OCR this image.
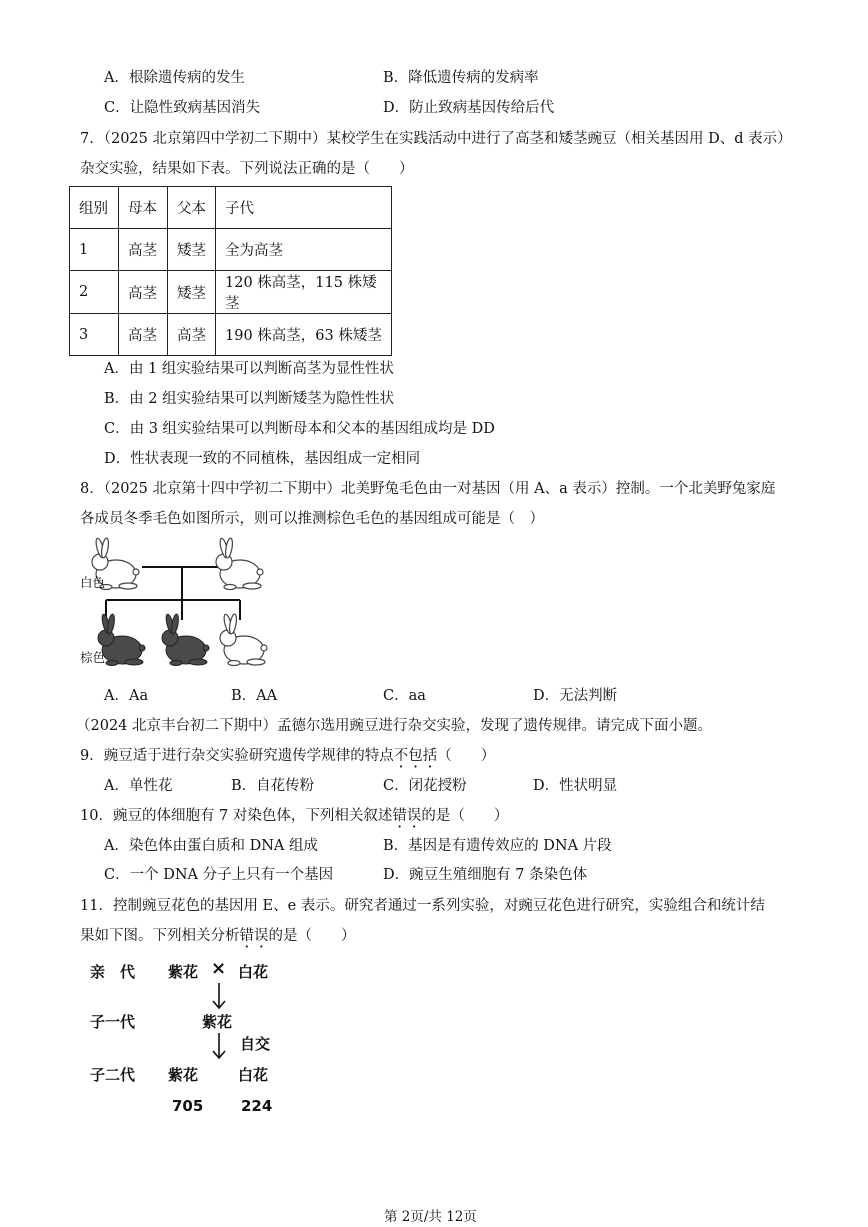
A．根除遗传病的发生	B．降低遗传病的发病率
C．让隐性致病基因消失	D．防止致病基因传给后代
7．（2025 北京第四中学初二下期中）某校学生在实践活动中进行了高茎和矮茎豌豆（相关基因用 D、d 表示）
杂交实验，结果如下表。下列说法正确的是（　　）
组别	母本	父本	子代
1	高茎	矮茎	全为高茎
2	高茎	矮茎	120 株高茎，115 株矮茎
3	高茎	高茎	190 株高茎，63 株矮茎
A．由 1 组实验结果可以判断高茎为显性性状
B．由 2 组实验结果可以判断矮茎为隐性性状
C．由 3 组实验结果可以判断母本和父本的基因组成均是 DD
D．性状表现一致的不同植株，基因组成一定相同
8．（2025 北京第十四中学初二下期中）北美野兔毛色由一对基因（用 A、a 表示）控制。一个北美野兔家庭
各成员冬季毛色如图所示，则可以推测棕色毛色的基因组成可能是（　）
白色
棕色
A．Aa	B．AA	C．aa	D．无法判断
（2024 北京丰台初二下期中）孟德尔选用豌豆进行杂交实验，发现了遗传规律。请完成下面小题。
9．豌豆适于进行杂交实验研究遗传学规律的特点不包括（　　）
A．单性花	B．自花传粉	C．闭花授粉	D．性状明显
10．豌豆的体细胞有 7 对染色体，下列相关叙述错误的是（　　）
A．染色体由蛋白质和 DNA 组成	B．基因是有遗传效应的 DNA 片段
C．一个 DNA 分子上只有一个基因	D．豌豆生殖细胞有 7 条染色体
11．控制豌豆花色的基因用 E、e 表示。研究者通过一系列实验，对豌豆花色进行研究，实验组合和统计结
果如下图。下列相关分析错误的是（　　）
亲　代 紫花 × 白花
子一代	紫花
自交
子二代 紫花	白花
705	224
第 2页/共 12页
